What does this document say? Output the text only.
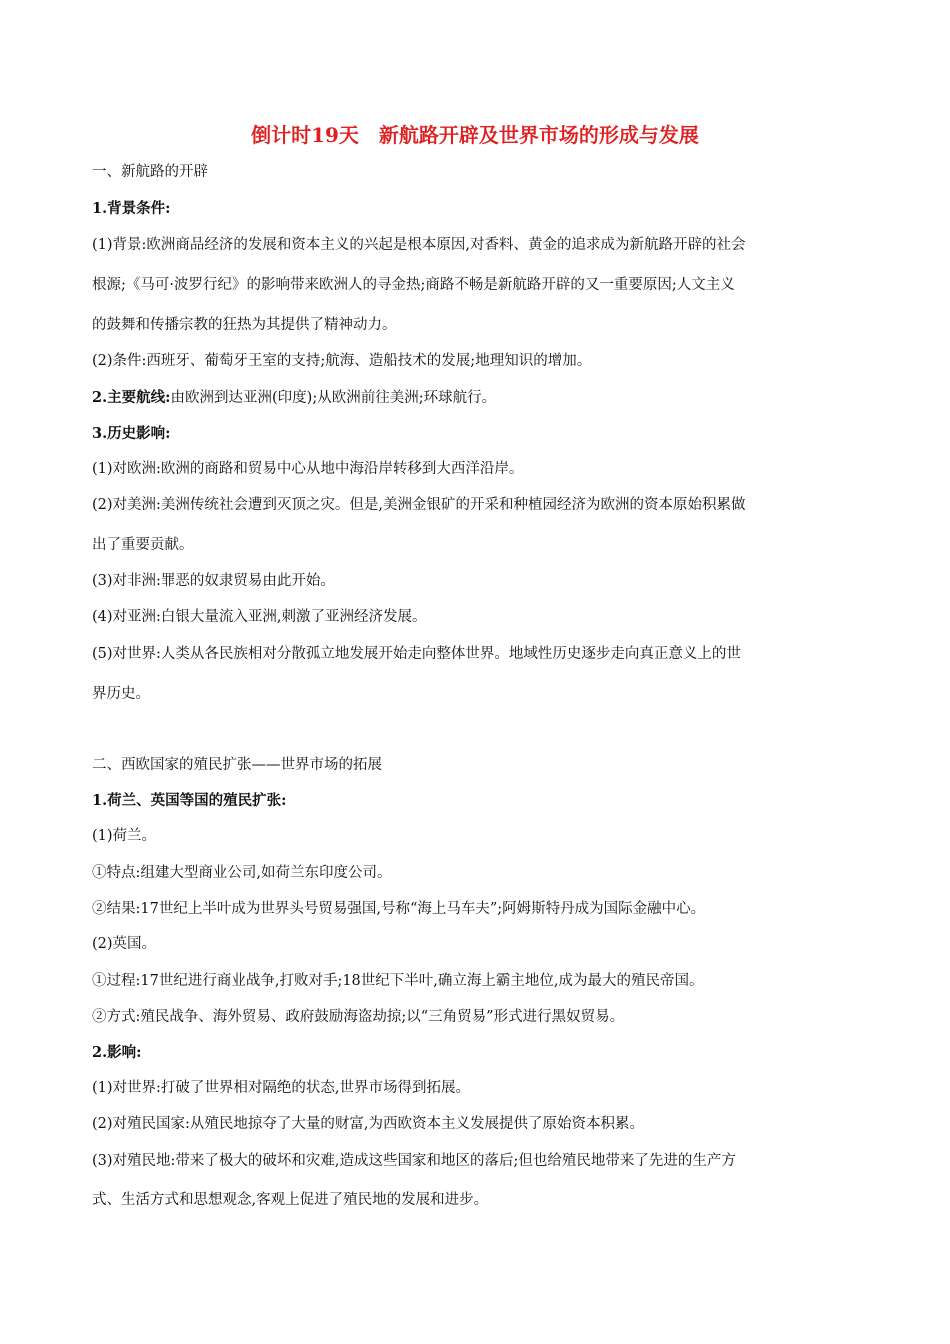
倒计时19天　新航路开辟及世界市场的形成与发展
一、新航路的开辟
1.背景条件:
(1)背景:欧洲商品经济的发展和资本主义的兴起是根本原因,对香料、黄金的追求成为新航路开辟的社会
根源;《马可·波罗行纪》的影响带来欧洲人的寻金热;商路不畅是新航路开辟的又一重要原因;人文主义
的鼓舞和传播宗教的狂热为其提供了精神动力。
(2)条件:西班牙、葡萄牙王室的支持;航海、造船技术的发展;地理知识的增加。
2.主要航线:由欧洲到达亚洲(印度);从欧洲前往美洲;环球航行。
3.历史影响:
(1)对欧洲:欧洲的商路和贸易中心从地中海沿岸转移到大西洋沿岸。
(2)对美洲:美洲传统社会遭到灭顶之灾。但是,美洲金银矿的开采和种植园经济为欧洲的资本原始积累做
出了重要贡献。
(3)对非洲:罪恶的奴隶贸易由此开始。
(4)对亚洲:白银大量流入亚洲,刺激了亚洲经济发展。
(5)对世界:人类从各民族相对分散孤立地发展开始走向整体世界。地域性历史逐步走向真正意义上的世
界历史。
二、西欧国家的殖民扩张——世界市场的拓展
1.荷兰、英国等国的殖民扩张:
(1)荷兰。
①特点:组建大型商业公司,如荷兰东印度公司。
②结果:17世纪上半叶成为世界头号贸易强国,号称“海上马车夫”;阿姆斯特丹成为国际金融中心。
(2)英国。
①过程:17世纪进行商业战争,打败对手;18世纪下半叶,确立海上霸主地位,成为最大的殖民帝国。
②方式:殖民战争、海外贸易、政府鼓励海盗劫掠;以“三角贸易”形式进行黑奴贸易。
2.影响:
(1)对世界:打破了世界相对隔绝的状态,世界市场得到拓展。
(2)对殖民国家:从殖民地掠夺了大量的财富,为西欧资本主义发展提供了原始资本积累。
(3)对殖民地:带来了极大的破坏和灾难,造成这些国家和地区的落后;但也给殖民地带来了先进的生产方
式、生活方式和思想观念,客观上促进了殖民地的发展和进步。
